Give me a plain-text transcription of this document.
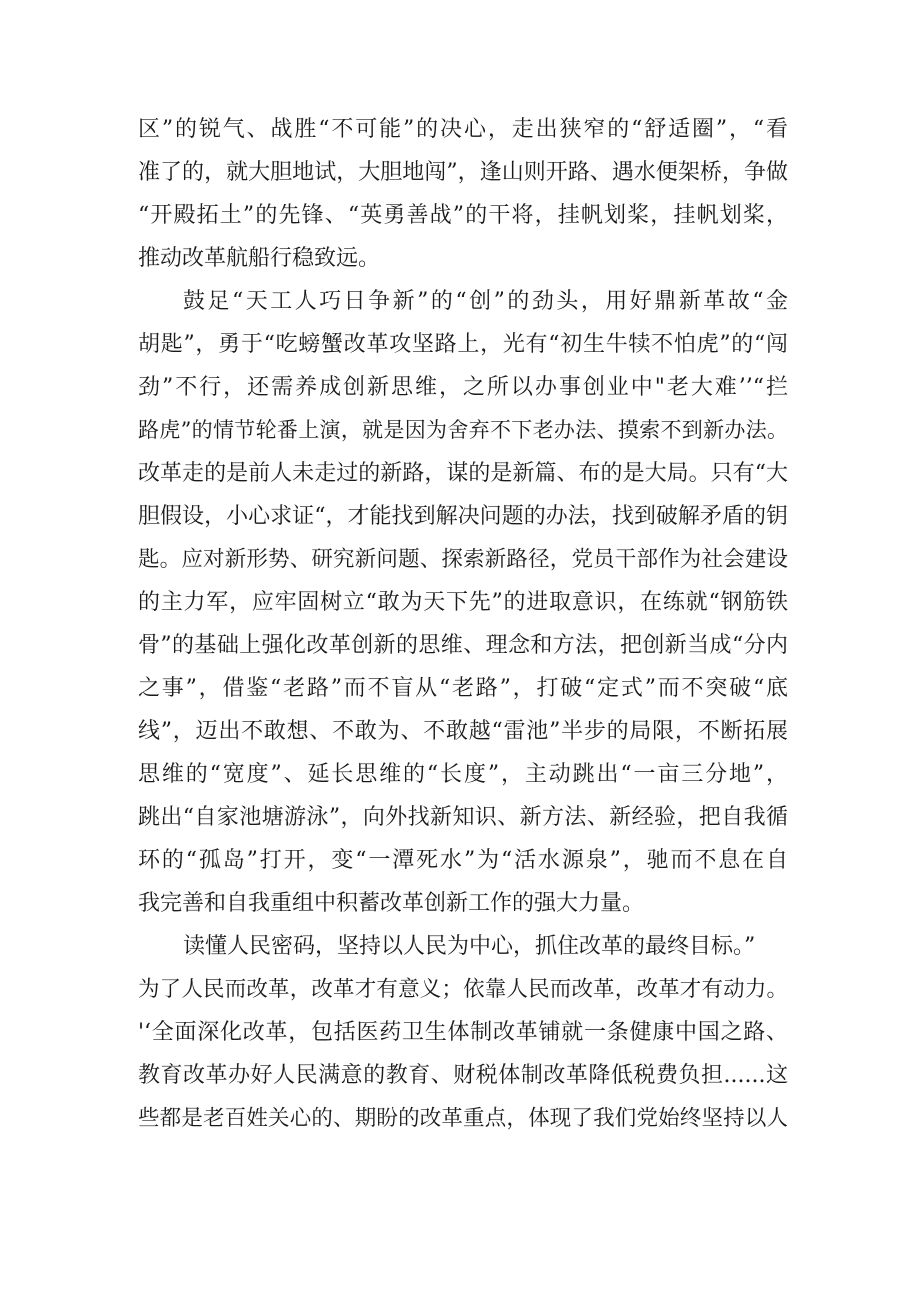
区”的锐气、战胜“不可能”的决心，走出狭窄的“舒适圈”，“看
准了的，就大胆地试，大胆地闯”，逢山则开路、遇水便架桥，争做
“开殿拓土”的先锋、“英勇善战”的干将，挂帆划桨，挂帆划桨，
推动改革航船行稳致远。
鼓足“天工人巧日争新”的“创”的劲头，用好鼎新革故“金
胡匙”，勇于“吃螃蟹改革攻坚路上，光有“初生牛犊不怕虎”的“闯
劲”不行，还需养成创新思维，之所以办事创业中"老大难’’“拦
路虎”的情节轮番上演，就是因为舍弃不下老办法、摸索不到新办法。
改革走的是前人未走过的新路，谋的是新篇、布的是大局。只有“大
胆假设，小心求证“，才能找到解决问题的办法，找到破解矛盾的钥
匙。应对新形势、研究新问题、探索新路径，党员干部作为社会建设
的主力军，应牢固树立“敢为天下先”的进取意识，在练就“钢筋铁
骨”的基础上强化改革创新的思维、理念和方法，把创新当成“分内
之事”，借鉴“老路”而不盲从“老路”，打破“定式”而不突破“底
线”，迈出不敢想、不敢为、不敢越“雷池”半步的局限，不断拓展
思维的“宽度”、延长思维的“长度”，主动跳出“一亩三分地”，
跳出“自家池塘游泳”，向外找新知识、新方法、新经验，把自我循
环的“孤岛”打开，变“一潭死水”为“活水源泉”，驰而不息在自
我完善和自我重组中积蓄改革创新工作的强大力量。
读懂人民密码，坚持以人民为中心，抓住改革的最终目标。”
为了人民而改革，改革才有意义；依靠人民而改革，改革才有动力。
'‘全面深化改革，包括医药卫生体制改革铺就一条健康中国之路、
教育改革办好人民满意的教育、财税体制改革降低税费负担......这
些都是老百姓关心的、期盼的改革重点，体现了我们党始终坚持以人
